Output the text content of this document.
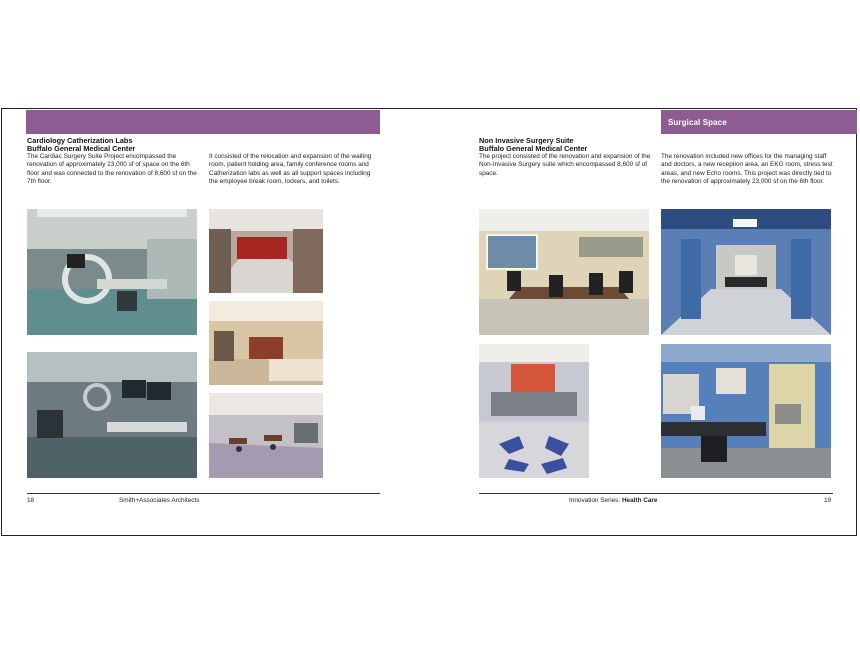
Surgical Space
Cardiology Catherization Labs
Buffalo General Medical Center
The Cardiac Surgery Suite Project encompassed the renovation of approximately 23,000 sf of space on the 6th floor and was connected to the renovation of 8,600 sf on the 7th floor.
It consisted of the relocation and expansion of the waiting room, patient holding area, family conference rooms and Catherization labs as well as all support spaces including the employee break room, lockers, and toilets.
Non Invasive Surgery Suite
Buffalo General Medical Center
The project consisted of the renovation and expansion of the Non-Invasive Surgery suite which encompassed 8,600 sf of space.
The renovation included new offices for the managing staff and doctors, a new reception area, an EKG room, stress test areas, and new Echo rooms. This project was directly tied to the renovation of approximately 23,000 sf on the 6th floor.
18	Smith+Associates Architects	Innovation Series: Health Care	19
